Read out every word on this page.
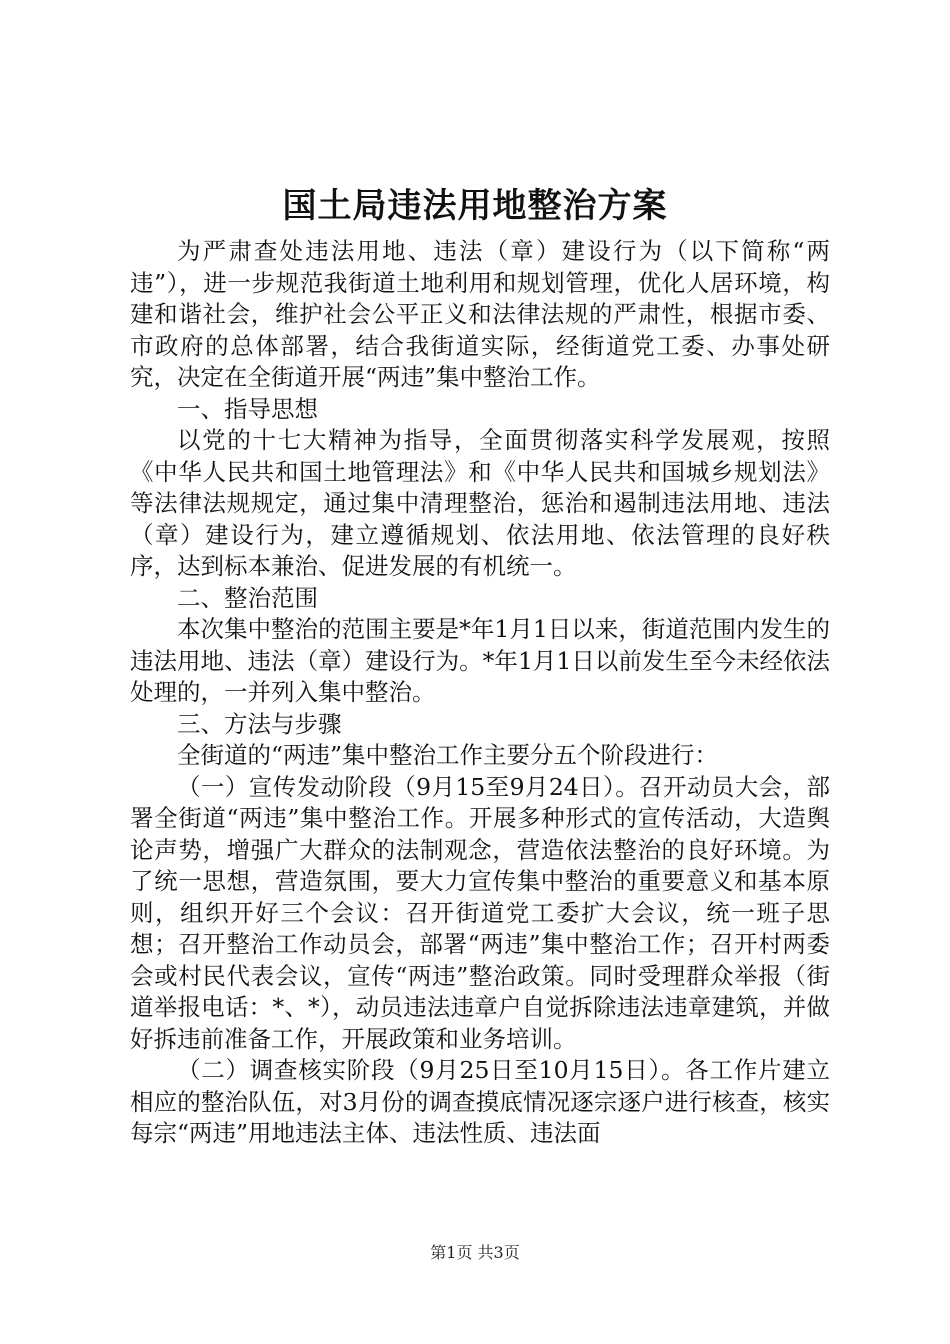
国土局违法用地整治方案

为严肃查处违法用地、违法（章）建设行为（以下简称“两违”），进一步规范我街道土地利用和规划管理，优化人居环境，构建和谐社会，维护社会公平正义和法律法规的严肃性，根据市委、市政府的总体部署，结合我街道实际，经街道党工委、办事处研究，决定在全街道开展“两违”集中整治工作。

一、指导思想

以党的十七大精神为指导，全面贯彻落实科学发展观，按照《中华人民共和国土地管理法》和《中华人民共和国城乡规划法》等法律法规规定，通过集中清理整治，惩治和遏制违法用地、违法（章）建设行为，建立遵循规划、依法用地、依法管理的良好秩序，达到标本兼治、促进发展的有机统一。

二、整治范围

本次集中整治的范围主要是*年1月1日以来，街道范围内发生的违法用地、违法（章）建设行为。*年1月1日以前发生至今未经依法处理的，一并列入集中整治。

三、方法与步骤

全街道的“两违”集中整治工作主要分五个阶段进行：

（一）宣传发动阶段（9月15至9月24日）。召开动员大会，部署全街道“两违”集中整治工作。开展多种形式的宣传活动，大造舆论声势，增强广大群众的法制观念，营造依法整治的良好环境。为了统一思想，营造氛围，要大力宣传集中整治的重要意义和基本原则，组织开好三个会议：召开街道党工委扩大会议，统一班子思想；召开整治工作动员会，部署“两违”集中整治工作；召开村两委会或村民代表会议，宣传“两违”整治政策。同时受理群众举报（街道举报电话：*、*），动员违法违章户自觉拆除违法违章建筑，并做好拆违前准备工作，开展政策和业务培训。

（二）调查核实阶段（9月25日至10月15日）。各工作片建立相应的整治队伍，对3月份的调查摸底情况逐宗逐户进行核查，核实每宗“两违”用地违法主体、违法性质、违法面

第1页 共3页
